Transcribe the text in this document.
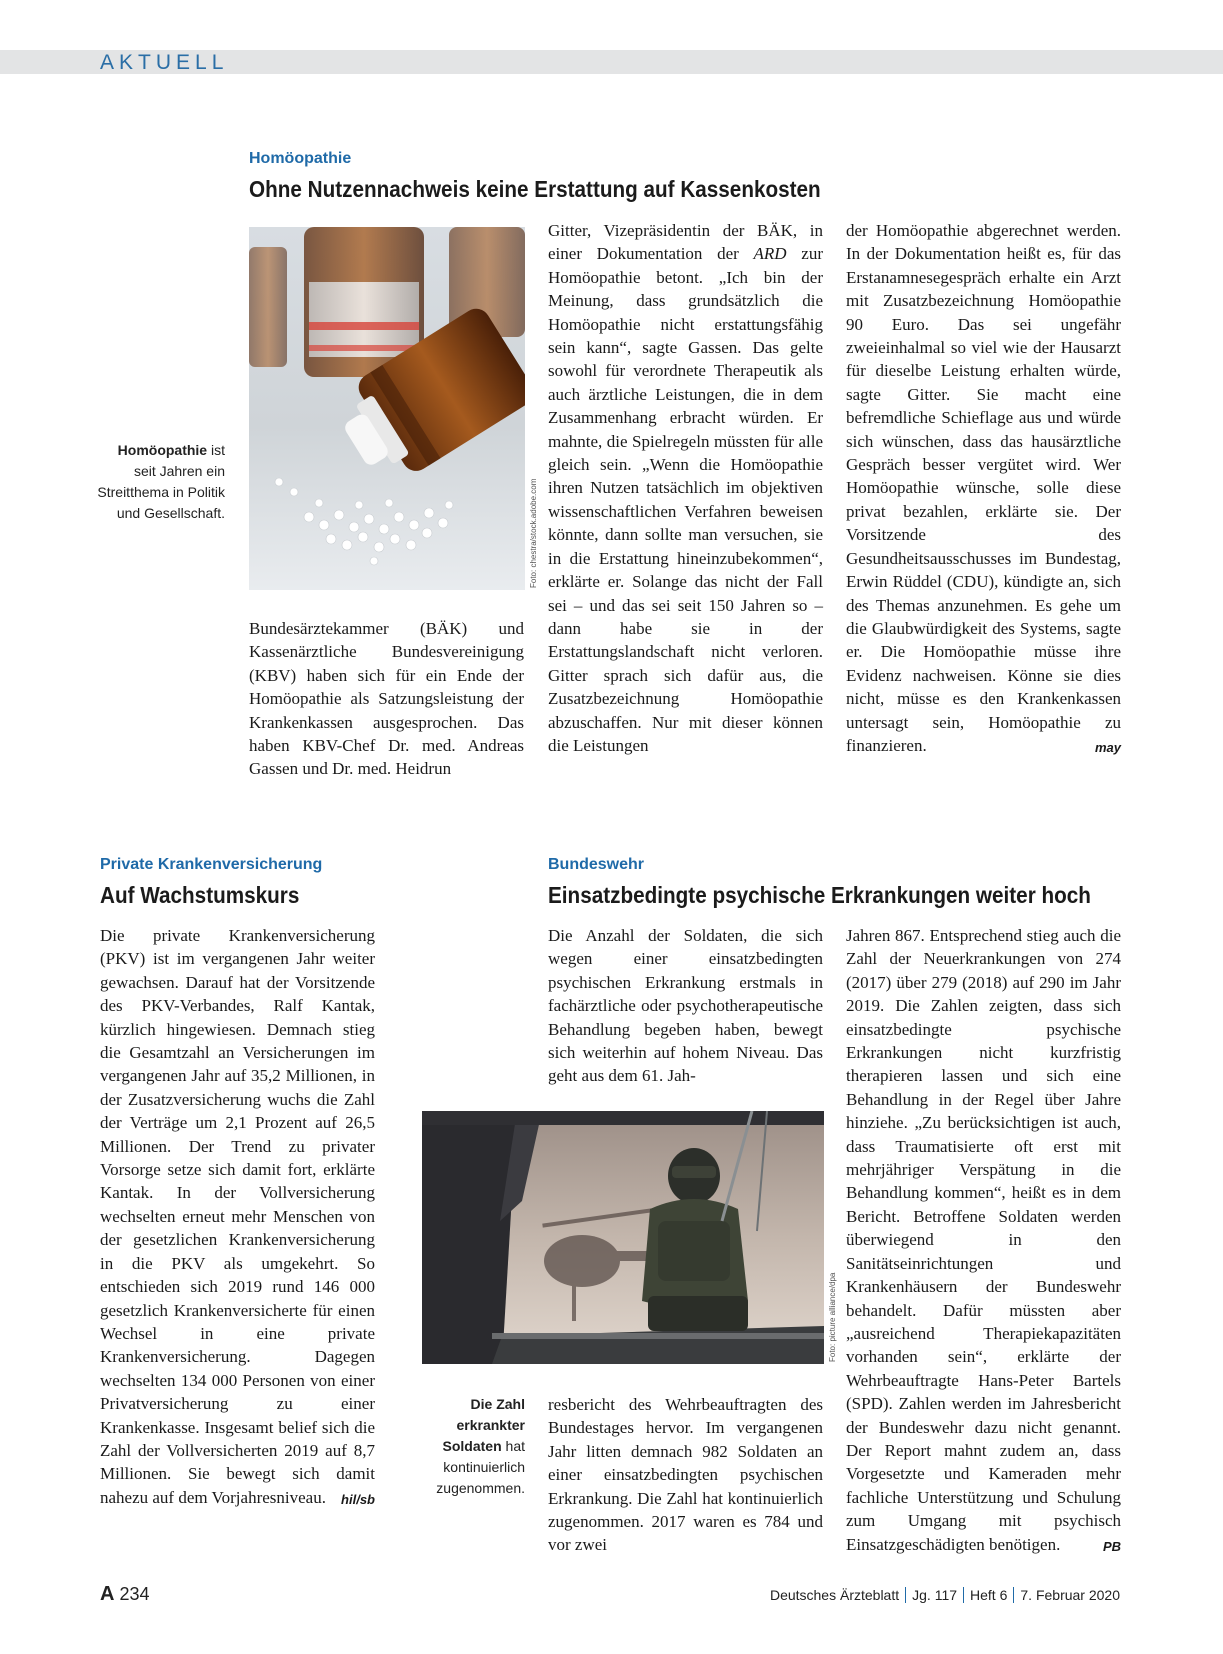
AKTUELL
Homöopathie
Ohne Nutzennachweis keine Erstattung auf Kassenkosten
Homöopathie ist seit Jahren ein Streitthema in Politik und Gesellschaft.	Foto: chestra/stock.adobe.com

Bundesärztekammer (BÄK) und Kassenärztliche Bundesvereinigung (KBV) haben sich für ein Ende der Homöopathie als Satzungsleistung der Krankenkassen ausgesprochen. Das haben KBV-Chef Dr. med. Andreas Gassen und Dr. med. Heidrun

Gitter, Vizepräsidentin der BÄK, in einer Dokumentation der ARD zur Homöopathie betont. „Ich bin der Meinung, dass grundsätzlich die Homöopathie nicht erstattungsfähig sein kann“, sagte Gassen. Das gelte sowohl für verordnete Therapeutik als auch ärztliche Leistungen, die in dem Zusammenhang erbracht würden. Er mahnte, die Spielregeln müssten für alle gleich sein. „Wenn die Homöopathie ihren Nutzen tatsächlich im objektiven wissenschaftlichen Verfahren beweisen könnte, dann sollte man versuchen, sie in die Erstattung hineinzubekommen“, erklärte er. Solange das nicht der Fall sei – und das sei seit 150 Jahren so – dann habe sie in der Erstattungslandschaft nicht verloren. Gitter sprach sich dafür aus, die Zusatzbezeichnung Homöopathie abzuschaffen. Nur mit dieser können die Leistungen

der Homöopathie abgerechnet werden. In der Dokumentation heißt es, für das Erstanamnesegespräch erhalte ein Arzt mit Zusatzbezeichnung Homöopathie 90 Euro. Das sei ungefähr zweieinhalmal so viel wie der Hausarzt für dieselbe Leistung erhalten würde, sagte Gitter. Sie macht eine befremdliche Schieflage aus und würde sich wünschen, dass das hausärztliche Gespräch besser vergütet wird. Wer Homöopathie wünsche, solle diese privat bezahlen, erklärte sie. Der Vorsitzende des Gesundheitsausschusses im Bundestag, Erwin Rüddel (CDU), kündigte an, sich des Themas anzunehmen. Es gehe um die Glaubwürdigkeit des Systems, sagte er. Die Homöopathie müsse ihre Evidenz nachweisen. Könne sie dies nicht, müsse es den Krankenkassen untersagt sein, Homöopathie zu finanzieren.	may

Private Krankenversicherung
Auf Wachstumskurs

Die private Krankenversicherung (PKV) ist im vergangenen Jahr weiter gewachsen. Darauf hat der Vorsitzende des PKV-Verbandes, Ralf Kantak, kürzlich hingewiesen. Demnach stieg die Gesamtzahl an Versicherungen im vergangenen Jahr auf 35,2 Millionen, in der Zusatzversicherung wuchs die Zahl der Verträge um 2,1 Prozent auf 26,5 Millionen. Der Trend zu privater Vorsorge setze sich damit fort, erklärte Kantak. In der Vollversicherung wechselten erneut mehr Menschen von der gesetzlichen Krankenversicherung in die PKV als umgekehrt. So entschieden sich 2019 rund 146 000 gesetzlich Krankenversicherte für einen Wechsel in eine private Krankenversicherung. Dagegen wechselten 134 000 Personen von einer Privatversicherung zu einer Krankenkasse. Insgesamt belief sich die Zahl der Vollversicherten 2019 auf 8,7 Millionen. Sie bewegt sich damit nahezu auf dem Vorjahresniveau. hil/sb

Bundeswehr
Einsatzbedingte psychische Erkrankungen weiter hoch

Die Anzahl der Soldaten, die sich wegen einer einsatzbedingten psychischen Erkrankung erstmals in fachärztliche oder psychotherapeutische Behandlung begeben haben, bewegt sich weiterhin auf hohem Niveau. Das geht aus dem 61. Jah-

Foto: picture alliance/dpa
Die Zahl erkrankter Soldaten hat kontinuierlich zugenommen.

resbericht des Wehrbeauftragten des Bundestages hervor. Im vergangenen Jahr litten demnach 982 Soldaten an einer einsatzbedingten psychischen Erkrankung. Die Zahl hat kontinuierlich zugenommen. 2017 waren es 784 und vor zwei

Jahren 867. Entsprechend stieg auch die Zahl der Neuerkrankungen von 274 (2017) über 279 (2018) auf 290 im Jahr 2019. Die Zahlen zeigten, dass sich einsatzbedingte psychische Erkrankungen nicht kurzfristig therapieren lassen und sich eine Behandlung in der Regel über Jahre hinziehe. „Zu berücksichtigen ist auch, dass Traumatisierte oft erst mit mehrjähriger Verspätung in die Behandlung kommen“, heißt es in dem Bericht. Betroffene Soldaten werden überwiegend in den Sanitätseinrichtungen und Krankenhäusern der Bundeswehr behandelt. Dafür müssten aber „ausreichend Therapiekapazitäten vorhanden sein“, erklärte der Wehrbeauftragte Hans-Peter Bartels (SPD). Zahlen werden im Jahresbericht der Bundeswehr dazu nicht genannt. Der Report mahnt zudem an, dass Vorgesetzte und Kameraden mehr fachliche Unterstützung und Schulung zum Umgang mit psychisch Einsatzgeschädigten benötigen.	PB

A 234	Deutsches Ärzteblatt Jg. 117 Heft 6 7. Februar 2020
